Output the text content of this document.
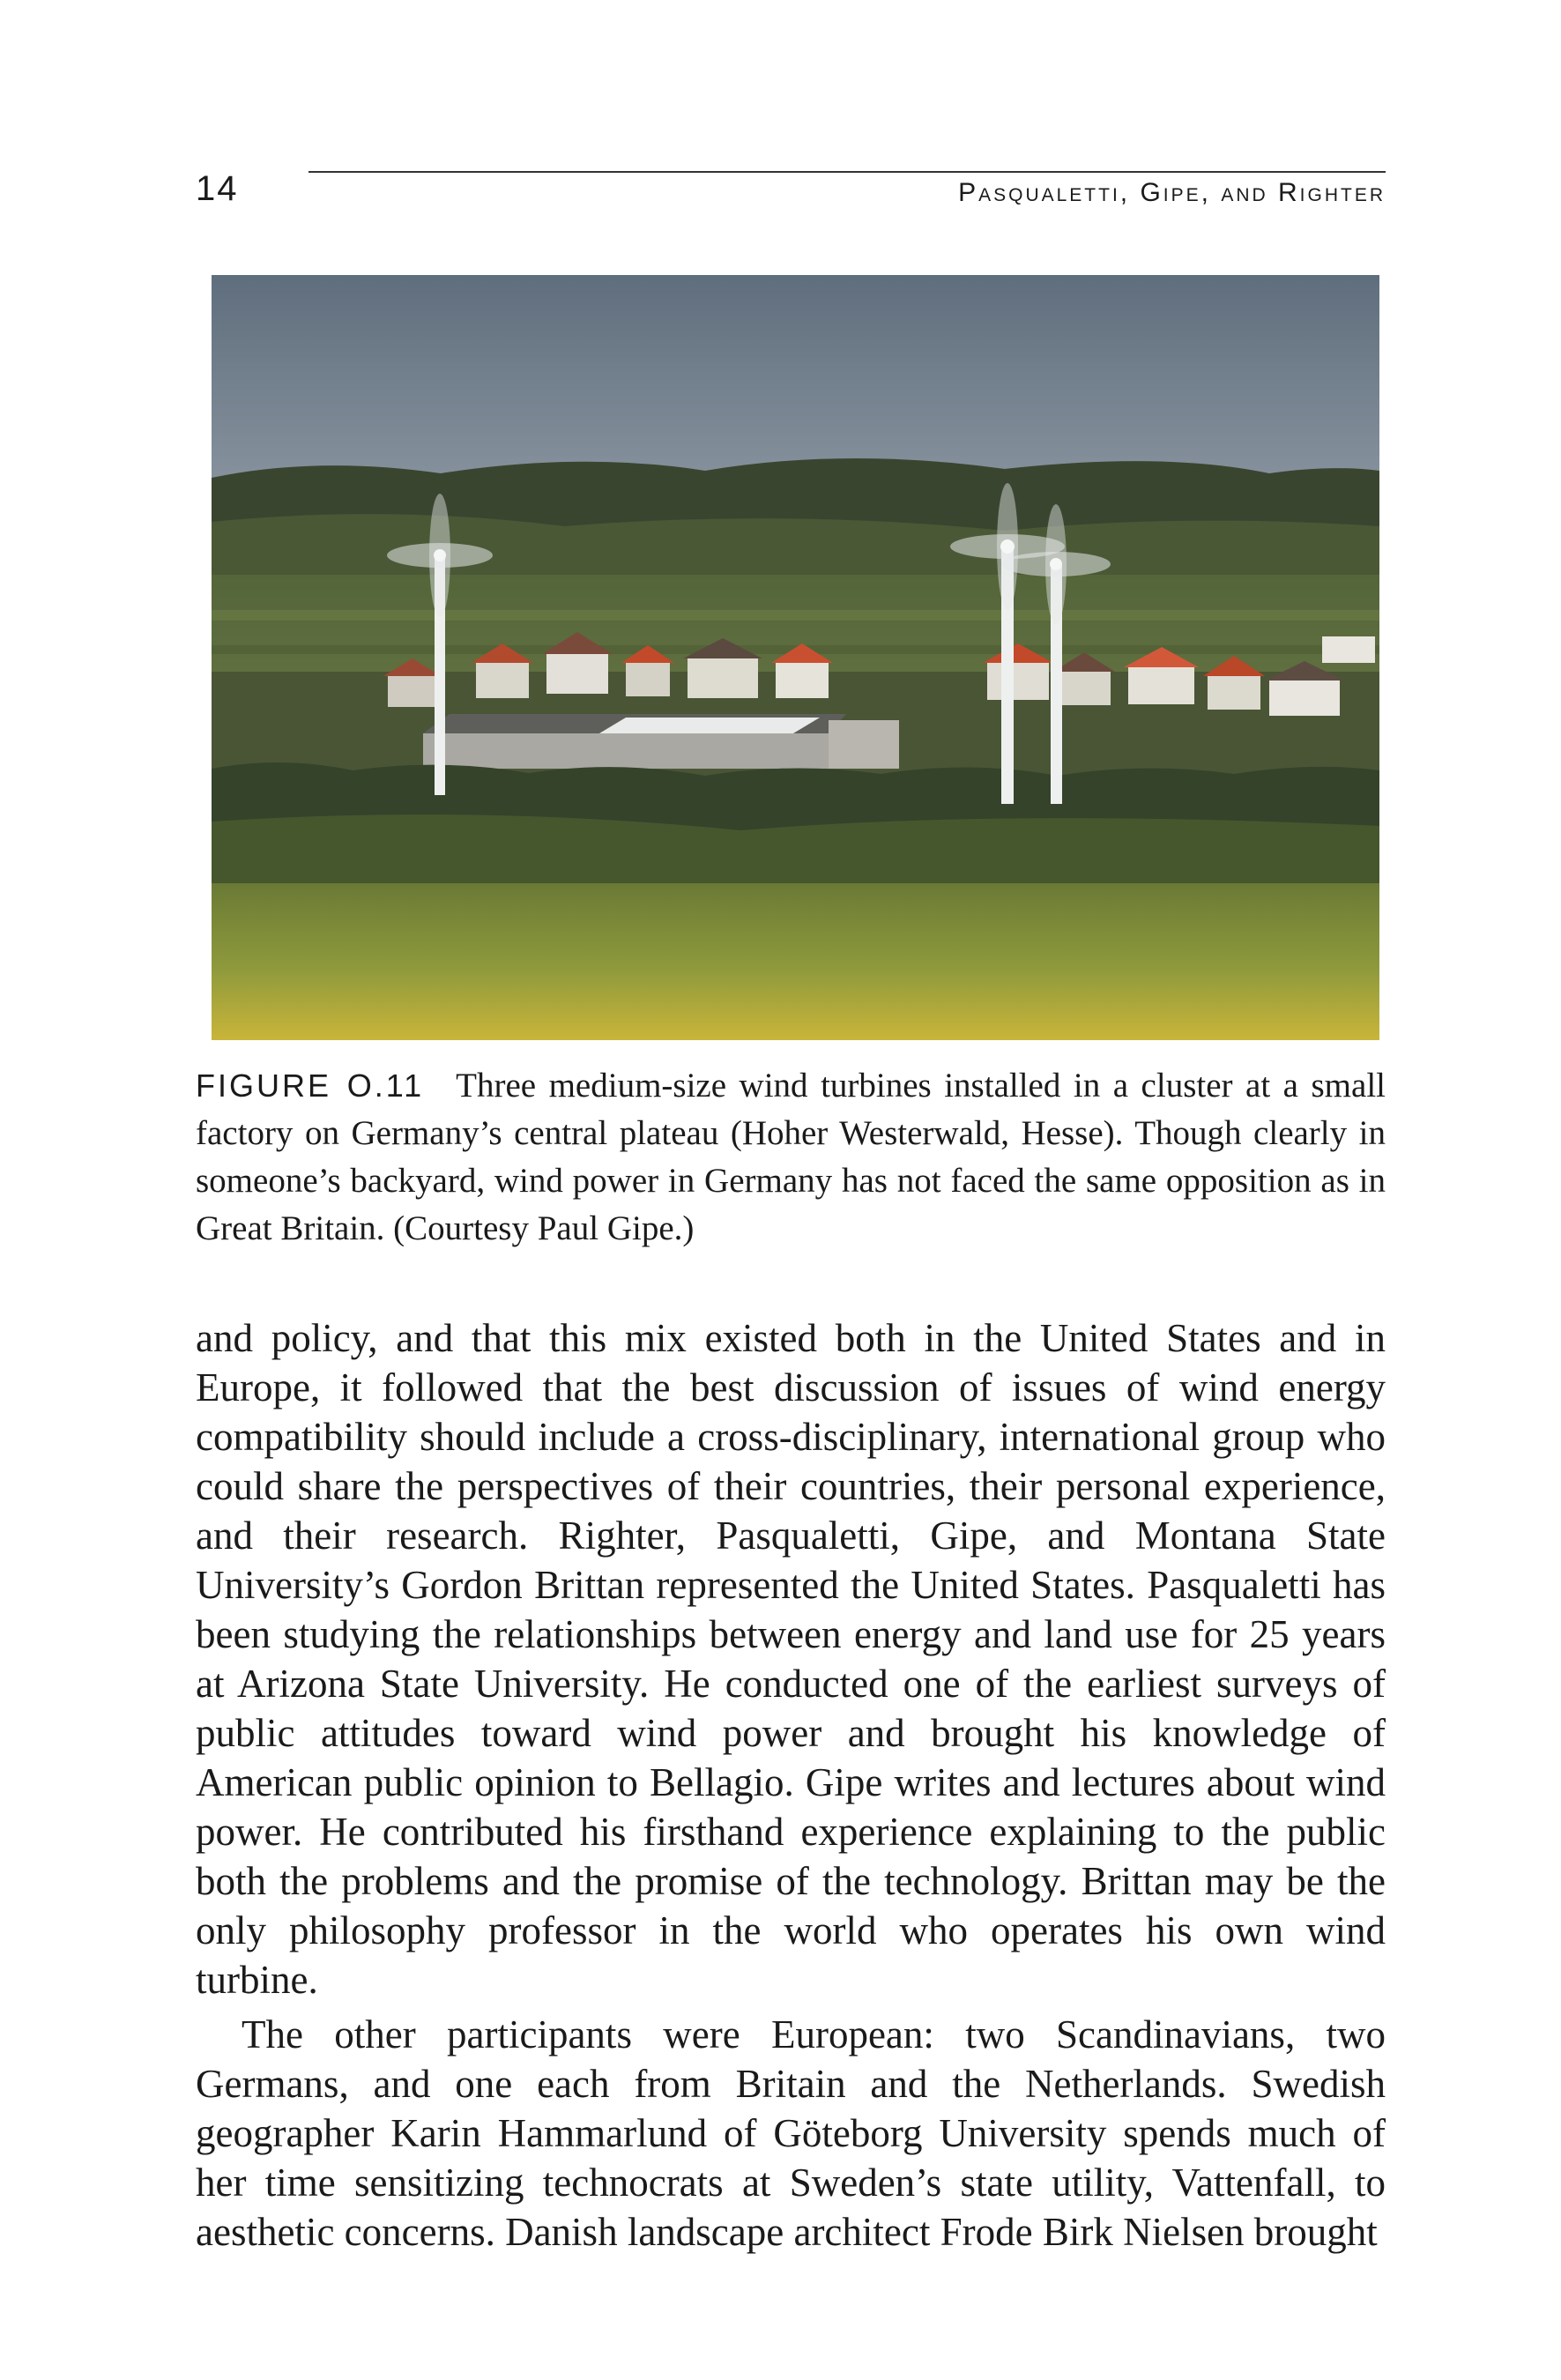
14	Pasqualetti, Gipe, and Righter
FIGURE O.11 Three medium-size wind turbines installed in a cluster at a small factory on Germany’s central plateau (Hoher Westerwald, Hesse). Though clearly in someone’s backyard, wind power in Germany has not faced the same opposition as in Great Britain. (Courtesy Paul Gipe.)

and policy, and that this mix existed both in the United States and in Europe, it followed that the best discussion of issues of wind energy compatibility should include a cross-disciplinary, international group who could share the perspectives of their countries, their personal experience, and their research. Righter, Pasqualetti, Gipe, and Montana State University’s Gordon Brittan represented the United States. Pasqualetti has been studying the relationships between energy and land use for 25 years at Arizona State University. He conducted one of the earliest surveys of public attitudes toward wind power and brought his knowledge of American public opinion to Bellagio. Gipe writes and lectures about wind power. He contributed his firsthand experience explaining to the public both the problems and the promise of the technology. Brittan may be the only philosophy professor in the world who operates his own wind turbine.

The other participants were European: two Scandinavians, two Germans, and one each from Britain and the Netherlands. Swedish geographer Karin Hammarlund of Göteborg University spends much of her time sensitizing technocrats at Sweden’s state utility, Vattenfall, to aesthetic concerns. Danish landscape architect Frode Birk Nielsen brought
